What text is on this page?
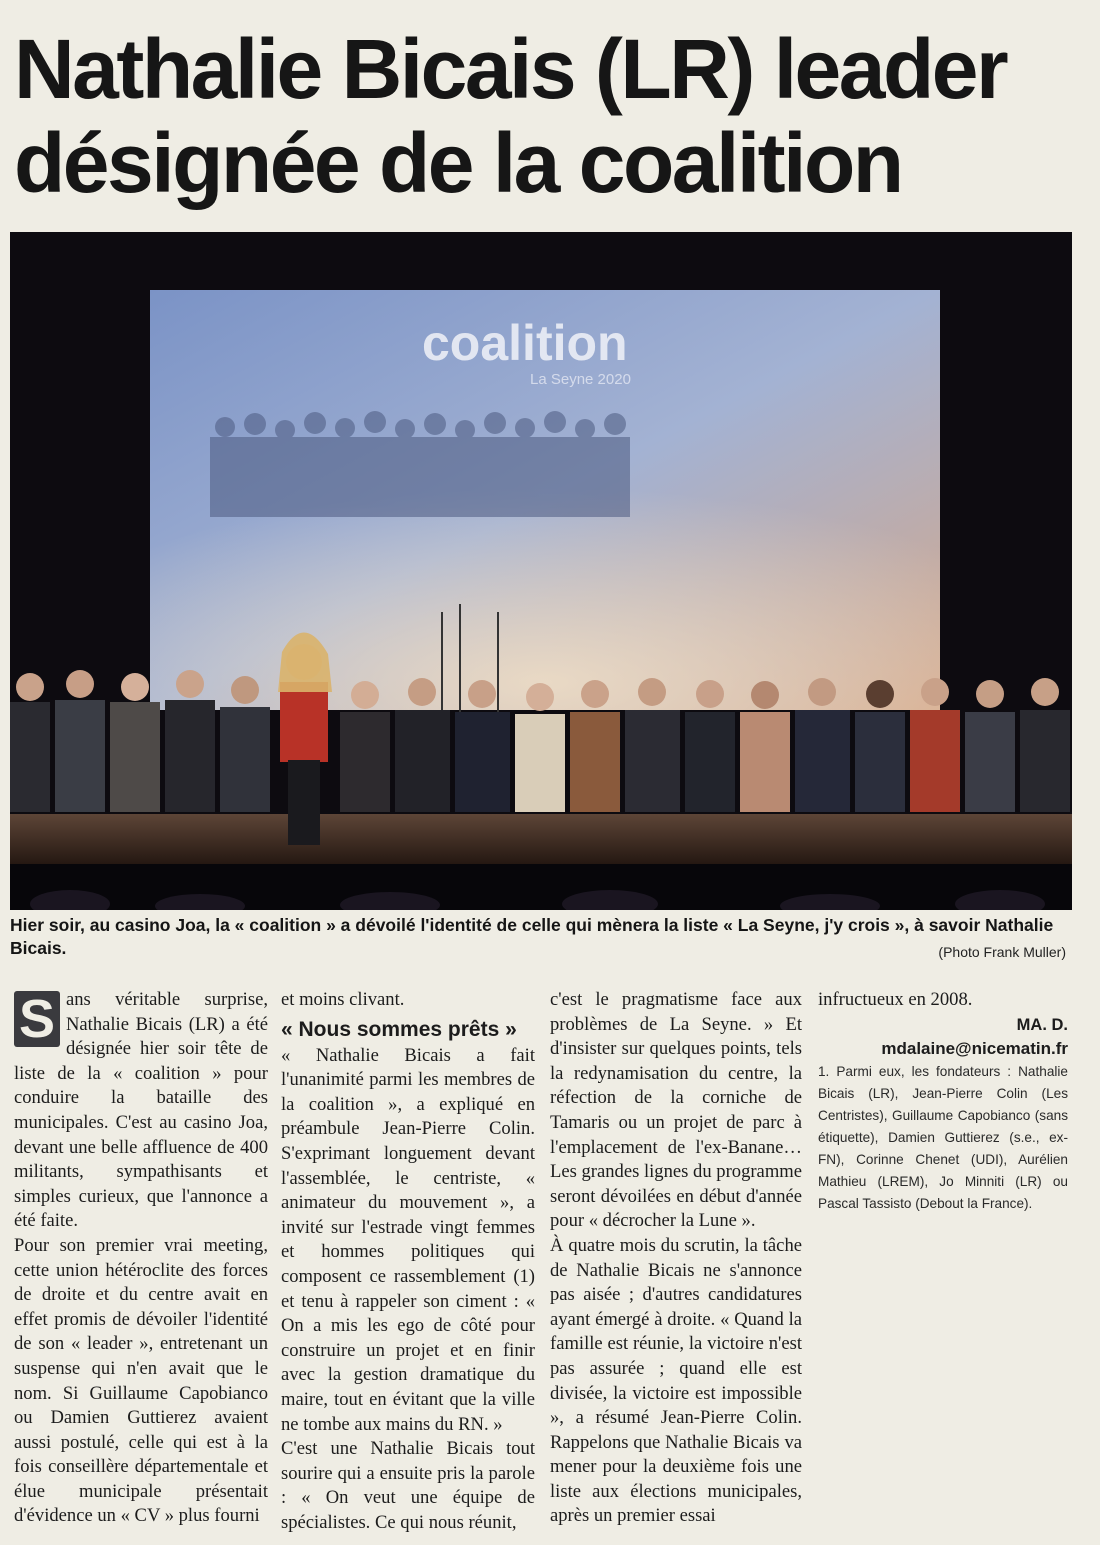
Nathalie Bicais (LR) leader
désignée de la coalition
coalition
La Seyne 2020
Hier soir, au casino Joa, la « coalition » a dévoilé l'identité de celle qui mènera la liste « La Seyne, j'y crois », à savoir Nathalie Bicais.	(Photo Frank Muller)
S ans véritable surprise, Nathalie Bicais (LR) a été désignée hier soir tête de liste de la « coalition » pour conduire la bataille des municipales. C'est au casino Joa, devant une belle affluence de 400 militants, sympathisants et simples curieux, que l'annonce a été faite.

Pour son premier vrai meeting, cette union hétéroclite des forces de droite et du centre avait en effet promis de dévoiler l'identité de son « leader », entretenant un suspense qui n'en avait que le nom. Si Guillaume Capobianco ou Damien Guttierez avaient aussi postulé, celle qui est à la fois conseillère départementale et élue municipale présentait d'évidence un « CV » plus fourni

et moins clivant.

« Nous sommes prêts »

« Nathalie Bicais a fait l'unanimité parmi les membres de la coalition », a expliqué en préambule Jean-Pierre Colin. S'exprimant longuement devant l'assemblée, le centriste, « animateur du mouvement », a invité sur l'estrade vingt femmes et hommes politiques qui composent ce rassemblement (1) et tenu à rappeler son ciment : « On a mis les ego de côté pour construire un projet et en finir avec la gestion dramatique du maire, tout en évitant que la ville ne tombe aux mains du RN. »

C'est une Nathalie Bicais tout sourire qui a ensuite pris la parole : « On veut une équipe de spécialistes. Ce qui nous réunit,

c'est le pragmatisme face aux problèmes de La Seyne. » Et d'insister sur quelques points, tels la redynamisation du centre, la réfection de la corniche de Tamaris ou un projet de parc à l'emplacement de l'ex-Banane… Les grandes lignes du programme seront dévoilées en début d'année pour « décrocher la Lune ».

À quatre mois du scrutin, la tâche de Nathalie Bicais ne s'annonce pas aisée ; d'autres candidatures ayant émergé à droite. « Quand la famille est réunie, la victoire n'est pas assurée ; quand elle est divisée, la victoire est impossible », a résumé Jean-Pierre Colin. Rappelons que Nathalie Bicais va mener pour la deuxième fois une liste aux élections municipales, après un premier essai

infructueux en 2008.

MA. D.

mdalaine@nicematin.fr

1. Parmi eux, les fondateurs : Nathalie Bicais (LR), Jean-Pierre Colin (Les Centristes), Guillaume Capobianco (sans étiquette), Damien Guttierez (s.e., ex-FN), Corinne Chenet (UDI), Aurélien Mathieu (LREM), Jo Minniti (LR) ou Pascal Tassisto (Debout la France).
